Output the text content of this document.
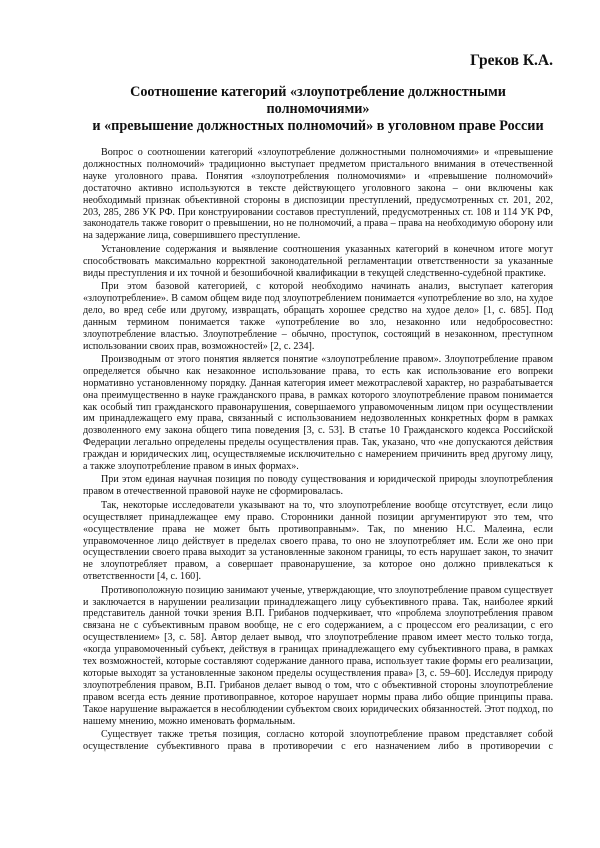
Греков К.А.
Соотношение категорий «злоупотребление должностными полномочиями»
и «превышение должностных полномочий» в уголовном праве России

Вопрос о соотношении категорий «злоупотребление должностными полномочиями» и «превышение должностных полномочий» традиционно выступает предметом пристального внимания в отечественной науке уголовного права. Понятия «злоупотребления полномочиями» и «превышение полномочий» достаточно активно используются в тексте действующего уголовного закона – они включены как необходимый признак объективной стороны в диспозиции преступлений, предусмотренных ст. 201, 202, 203, 285, 286 УК РФ. При конструировании составов преступлений, предусмотренных ст. 108 и 114 УК РФ, законодатель также говорит о превышении, но не полномочий, а права – права на необходимую оборону или на задержание лица, совершившего преступление.

Установление содержания и выявление соотношения указанных категорий в конечном итоге могут способствовать максимально корректной законодательной регламентации ответственности за указанные виды преступления и их точной и безошибочной квалификации в текущей следственно-судебной практике.

При этом базовой категорией, с которой необходимо начинать анализ, выступает категория «злоупотребление». В самом общем виде под злоупотреблением понимается «употребление во зло, на худое дело, во вред себе или другому, извращать, обращать хорошее средство на худое дело» [1, с. 685]. Под данным термином понимается также «употребление во зло, незаконно или недобросовестно: злоупотребление властью. Злоупотребление – обычно, проступок, состоящий в незаконном, преступном использовании своих прав, возможностей» [2, с. 234].

Производным от этого понятия является понятие «злоупотребление правом». Злоупотребление правом определяется обычно как незаконное использование права, то есть как использование его вопреки нормативно установленному порядку. Данная категория имеет межотраслевой характер, но разрабатывается она преимущественно в науке гражданского права, в рамках которого злоупотребление правом понимается как особый тип гражданского правонарушения, совершаемого управомоченным лицом при осуществлении им принадлежащего ему права, связанный с использованием недозволенных конкретных форм в рамках дозволенного ему закона общего типа поведения [3, с. 53]. В статье 10 Гражданского кодекса Российской Федерации легально определены пределы осуществления прав. Так, указано, что «не допускаются действия граждан и юридических лиц, осуществляемые исключительно с намерением причинить вред другому лицу, а также злоупотребление правом в иных формах».

При этом единая научная позиция по поводу существования и юридической природы злоупотребления правом в отечественной правовой науке не сформировалась.

Так, некоторые исследователи указывают на то, что злоупотребление вообще отсутствует, если лицо осуществляет принадлежащее ему право. Сторонники данной позиции аргументируют это тем, что «осуществление права не может быть противоправным». Так, по мнению Н.С. Малеина, если управомоченное лицо действует в пределах своего права, то оно не злоупотребляет им. Если же оно при осуществлении своего права выходит за установленные законом границы, то есть нарушает закон, то значит не злоупотребляет правом, а совершает правонарушение, за которое оно должно привлекаться к ответственности [4, с. 160].

Противоположную позицию занимают ученые, утверждающие, что злоупотребление правом существует и заключается в нарушении реализации принадлежащего лицу субъективного права. Так, наиболее яркий представитель данной точки зрения В.П. Грибанов подчеркивает, что «проблема злоупотребления правом связана не с субъективным правом вообще, не с его содержанием, а с процессом его реализации, с его осуществлением» [3, с. 58]. Автор делает вывод, что злоупотребление правом имеет место только тогда, «когда управомоченный субъект, действуя в границах принадлежащего ему субъективного права, в рамках тех возможностей, которые составляют содержание данного права, использует такие формы его реализации, которые выходят за установленные законом пределы осуществления права» [3, с. 59–60]. Исследуя природу злоупотребления правом, В.П. Грибанов делает вывод о том, что с объективной стороны злоупотребление правом всегда есть деяние противоправное, которое нарушает нормы права либо общие принципы права. Такое нарушение выражается в несоблюдении субъектом своих юридических обязанностей. Этот подход, по нашему мнению, можно именовать формальным.

Существует также третья позиция, согласно которой злоупотребление правом представляет собой осуществление субъективного права в противоречии с его назначением либо в противоречии с
